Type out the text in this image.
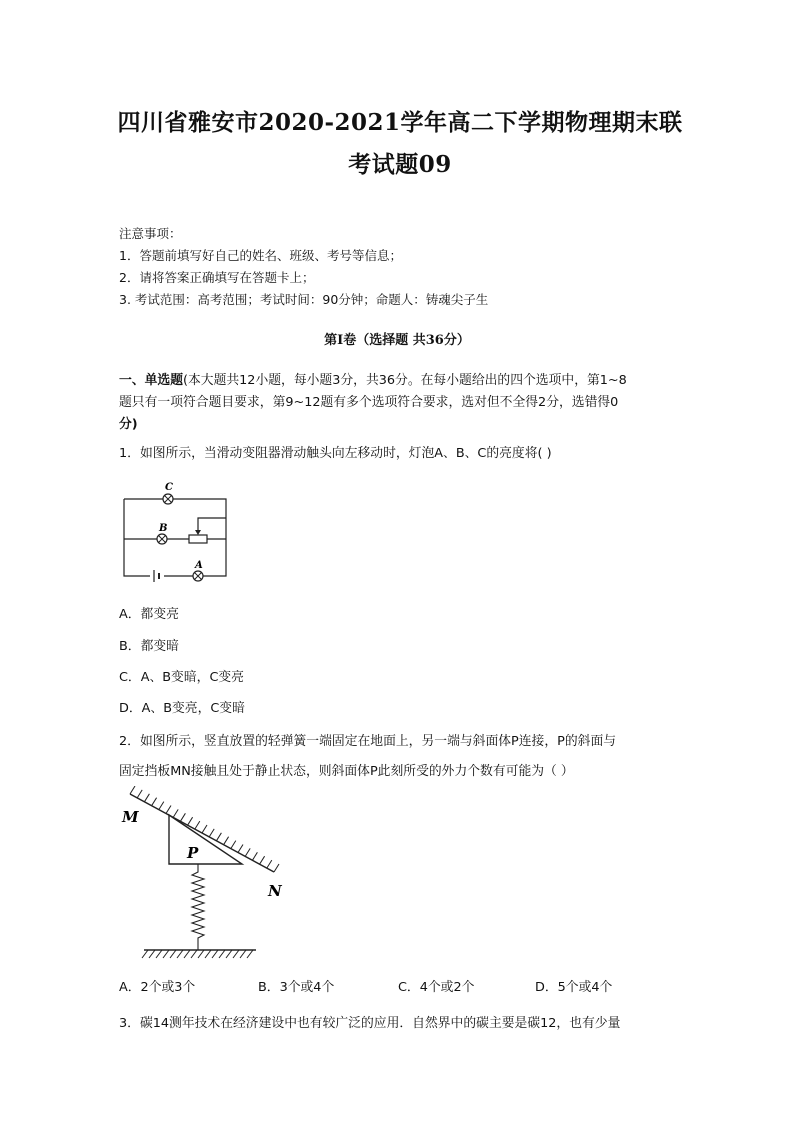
四川省雅安市2020-2021学年高二下学期物理期末联
考试题09
注意事项：
1．答题前填写好自己的姓名、班级、考号等信息；
2．请将答案正确填写在答题卡上；
3. 考试范围：高考范围；考试时间：90分钟；命题人：铸魂尖子生
第I卷（选择题 共36分）
一、单选题(本大题共12小题，每小题3分，共36分。在每小题给出的四个选项中，第1~8
题只有一项符合题目要求，第9~12题有多个选项符合要求，选对但不全得2分，选错得0
分)
1．如图所示，当滑动变阻器滑动触头向左移动时，灯泡A、B、C的亮度将( )
C
B
A
A．都变亮
B．都变暗
C．A、B变暗，C变亮
D．A、B变亮，C变暗
2．如图所示，竖直放置的轻弹簧一端固定在地面上，另一端与斜面体P连接，P的斜面与
固定挡板MN接触且处于静止状态，则斜面体P此刻所受的外力个数有可能为（ ）
M
P
N
A．2个或3个	B．3个或4个	C．4个或2个	D．5个或4个
3．碳14测年技术在经济建设中也有较广泛的应用．自然界中的碳主要是碳12，也有少量
